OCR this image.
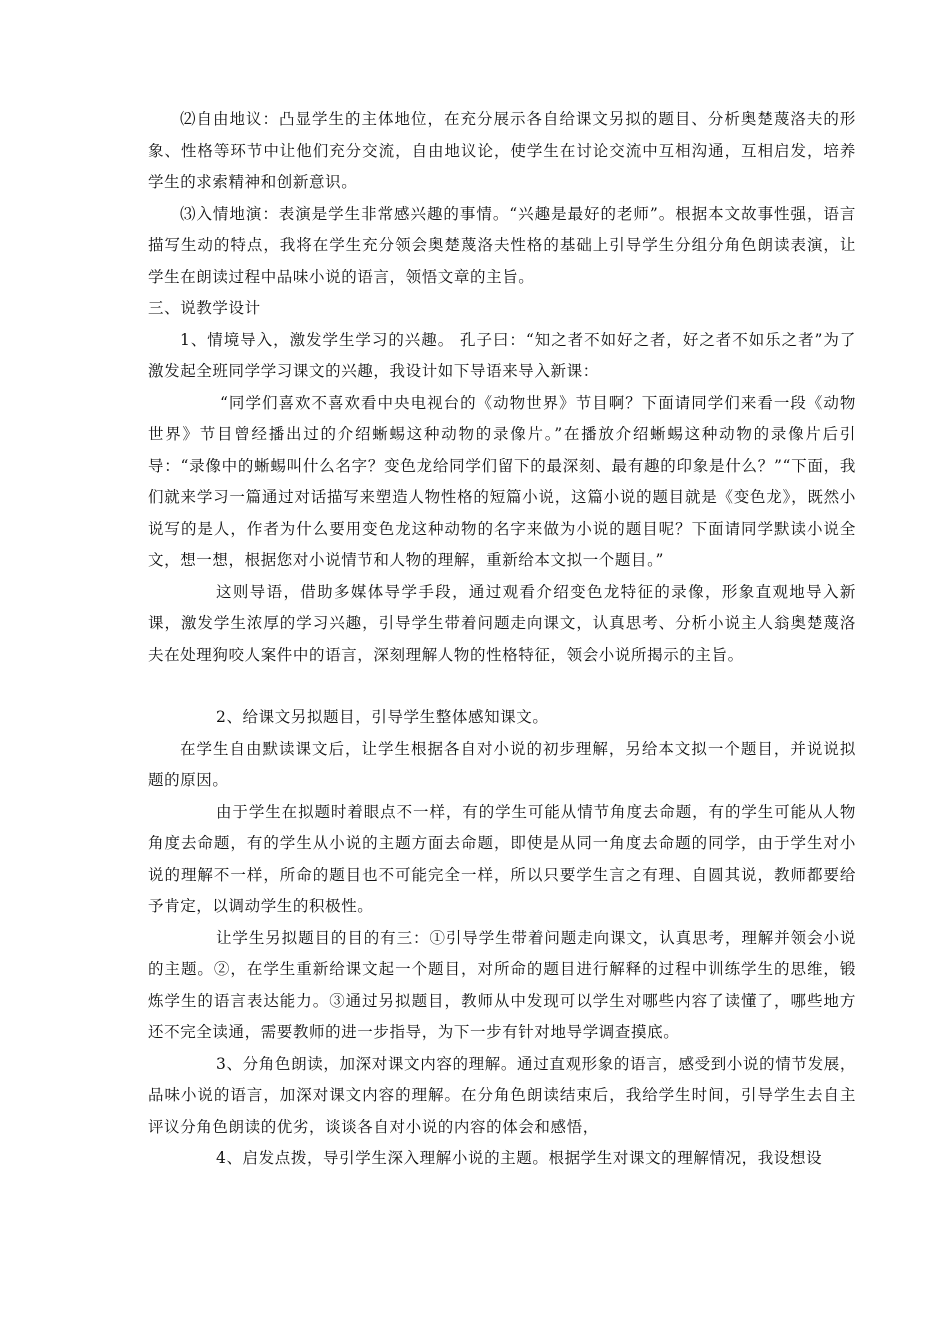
⑵自由地议：凸显学生的主体地位，在充分展示各自给课文另拟的题目、分析奥楚蔑洛夫的形象、性格等环节中让他们充分交流，自由地议论，使学生在讨论交流中互相沟通，互相启发，培养学生的求索精神和创新意识。

⑶入情地演：表演是学生非常感兴趣的事情。“兴趣是最好的老师”。根据本文故事性强，语言描写生动的特点，我将在学生充分领会奥楚蔑洛夫性格的基础上引导学生分组分角色朗读表演，让学生在朗读过程中品味小说的语言，领悟文章的主旨。

三、说教学设计

1、情境导入，激发学生学习的兴趣。 孔子曰：“知之者不如好之者，好之者不如乐之者”为了激发起全班同学学习课文的兴趣，我设计如下导语来导入新课：

“同学们喜欢不喜欢看中央电视台的《动物世界》节目啊？下面请同学们来看一段《动物世界》节目曾经播出过的介绍蜥蜴这种动物的录像片。”在播放介绍蜥蜴这种动物的录像片后引导：“录像中的蜥蜴叫什么名字？变色龙给同学们留下的最深刻、最有趣的印象是什么？”“下面，我们就来学习一篇通过对话描写来塑造人物性格的短篇小说，这篇小说的题目就是《变色龙》，既然小说写的是人，作者为什么要用变色龙这种动物的名字来做为小说的题目呢？下面请同学默读小说全文，想一想，根据您对小说情节和人物的理解，重新给本文拟一个题目。”

这则导语，借助多媒体导学手段，通过观看介绍变色龙特征的录像，形象直观地导入新课，激发学生浓厚的学习兴趣，引导学生带着问题走向课文，认真思考、分析小说主人翁奥楚蔑洛夫在处理狗咬人案件中的语言，深刻理解人物的性格特征，领会小说所揭示的主旨。

2、给课文另拟题目，引导学生整体感知课文。

在学生自由默读课文后，让学生根据各自对小说的初步理解，另给本文拟一个题目，并说说拟题的原因。

由于学生在拟题时着眼点不一样，有的学生可能从情节角度去命题，有的学生可能从人物角度去命题，有的学生从小说的主题方面去命题，即使是从同一角度去命题的同学，由于学生对小说的理解不一样，所命的题目也不可能完全一样，所以只要学生言之有理、自圆其说，教师都要给予肯定，以调动学生的积极性。

让学生另拟题目的目的有三：①引导学生带着问题走向课文，认真思考，理解并领会小说的主题。②，在学生重新给课文起一个题目，对所命的题目进行解释的过程中训练学生的思维，锻炼学生的语言表达能力。③通过另拟题目，教师从中发现可以学生对哪些内容了读懂了，哪些地方还不完全读通，需要教师的进一步指导，为下一步有针对地导学调查摸底。

3、分角色朗读，加深对课文内容的理解。通过直观形象的语言，感受到小说的情节发展，品味小说的语言，加深对课文内容的理解。在分角色朗读结束后，我给学生时间，引导学生去自主评议分角色朗读的优劣，谈谈各自对小说的内容的体会和感悟，

4、启发点拨，导引学生深入理解小说的主题。根据学生对课文的理解情况，我设想设
